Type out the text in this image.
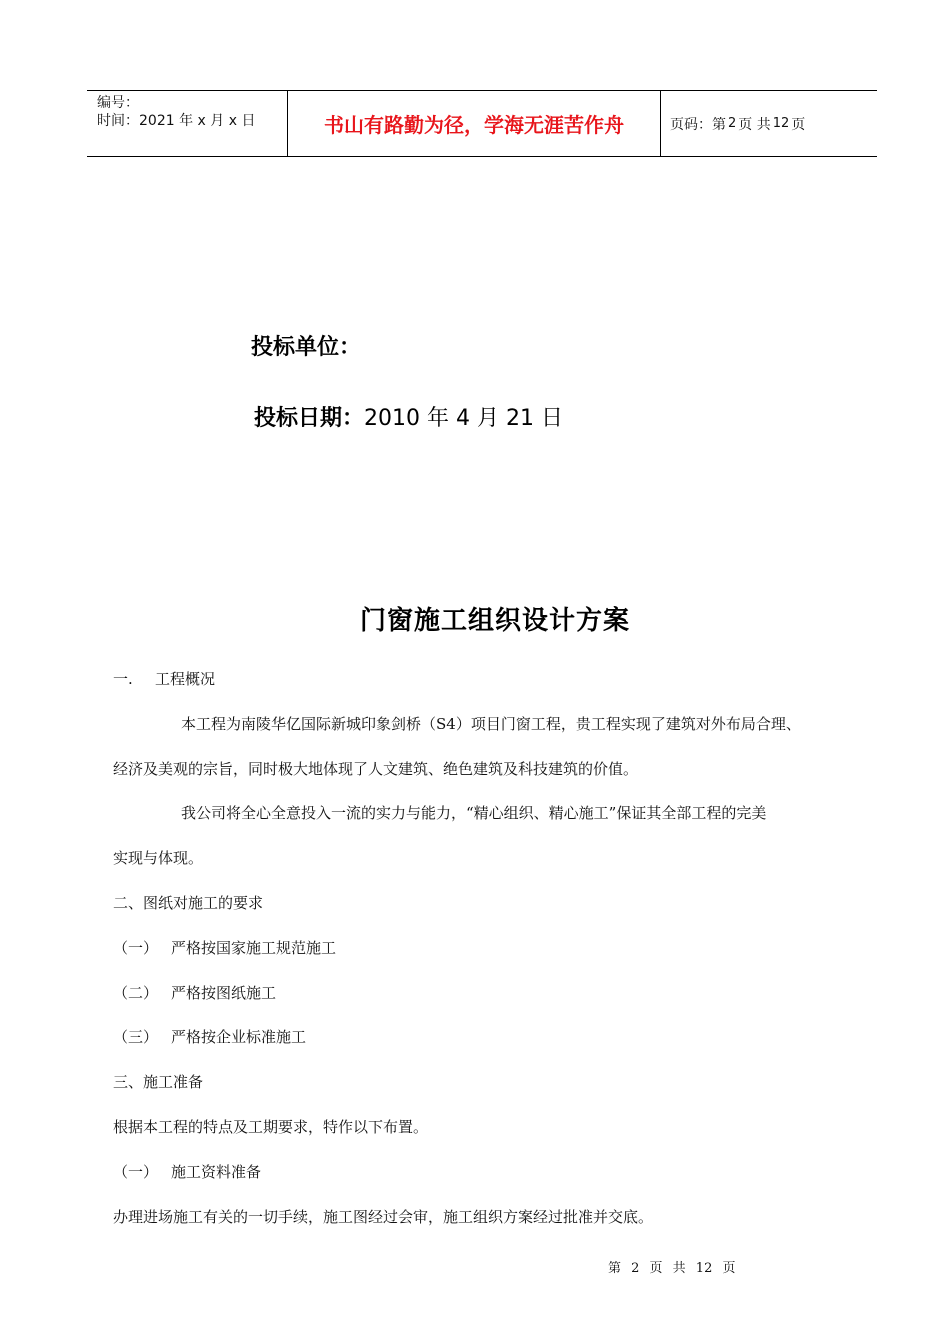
编号：
时间：2021 年 x 月 x 日	书山有路勤为径，学海无涯苦作舟	页码：第 2 页 共 12 页
投标单位：
投标日期：2010 年 4 月 21 日
门窗施工组织设计方案
一. 工程概况
本工程为南陵华亿国际新城印象剑桥（S4）项目门窗工程，贵工程实现了建筑对外布局合理、
经济及美观的宗旨，同时极大地体现了人文建筑、绝色建筑及科技建筑的价值。
我公司将全心全意投入一流的实力与能力，“精心组织、精心施工”保证其全部工程的完美
实现与体现。
二、图纸对施工的要求
（一） 严格按国家施工规范施工
（二） 严格按图纸施工
（三） 严格按企业标准施工
三、施工准备
根据本工程的特点及工期要求，特作以下布置。
（一） 施工资料准备
办理进场施工有关的一切手续，施工图经过会审，施工组织方案经过批准并交底。
第 2 页 共 12 页
